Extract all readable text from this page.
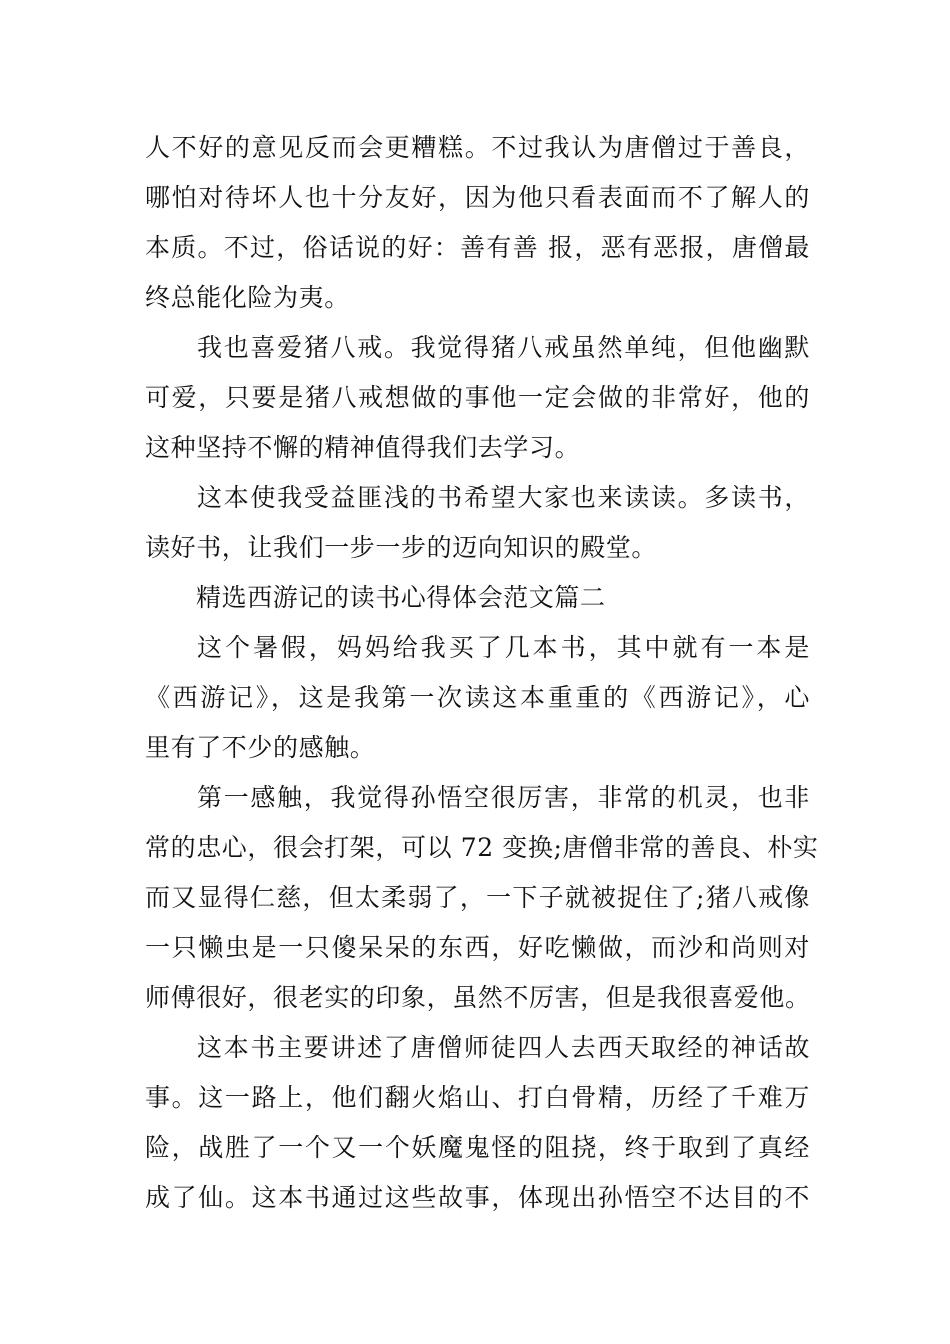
人不好的意见反而会更糟糕。不过我认为唐僧过于善良，
哪怕对待坏人也十分友好，因为他只看表面而不了解人的
本质。不过，俗话说的好：善有善 报，恶有恶报，唐僧最
终总能化险为夷。
我也喜爱猪八戒。我觉得猪八戒虽然单纯，但他幽默
可爱，只要是猪八戒想做的事他一定会做的非常好，他的
这种坚持不懈的精神值得我们去学习。
这本使我受益匪浅的书希望大家也来读读。多读书，
读好书，让我们一步一步的迈向知识的殿堂。
精选西游记的读书心得体会范文篇二
这个暑假，妈妈给我买了几本书，其中就有一本是
《西游记》，这是我第一次读这本重重的《西游记》，心
里有了不少的感触。
第一感触，我觉得孙悟空很厉害，非常的机灵，也非
常的忠心，很会打架，可以 72 变换;唐僧非常的善良、朴实
而又显得仁慈，但太柔弱了，一下子就被捉住了;猪八戒像
一只懒虫是一只傻呆呆的东西，好吃懒做，而沙和尚则对
师傅很好，很老实的印象，虽然不厉害，但是我很喜爱他。
这本书主要讲述了唐僧师徒四人去西天取经的神话故
事。这一路上，他们翻火焰山、打白骨精，历经了千难万
险，战胜了一个又一个妖魔鬼怪的阻挠，终于取到了真经
成了仙。这本书通过这些故事，体现出孙悟空不达目的不
